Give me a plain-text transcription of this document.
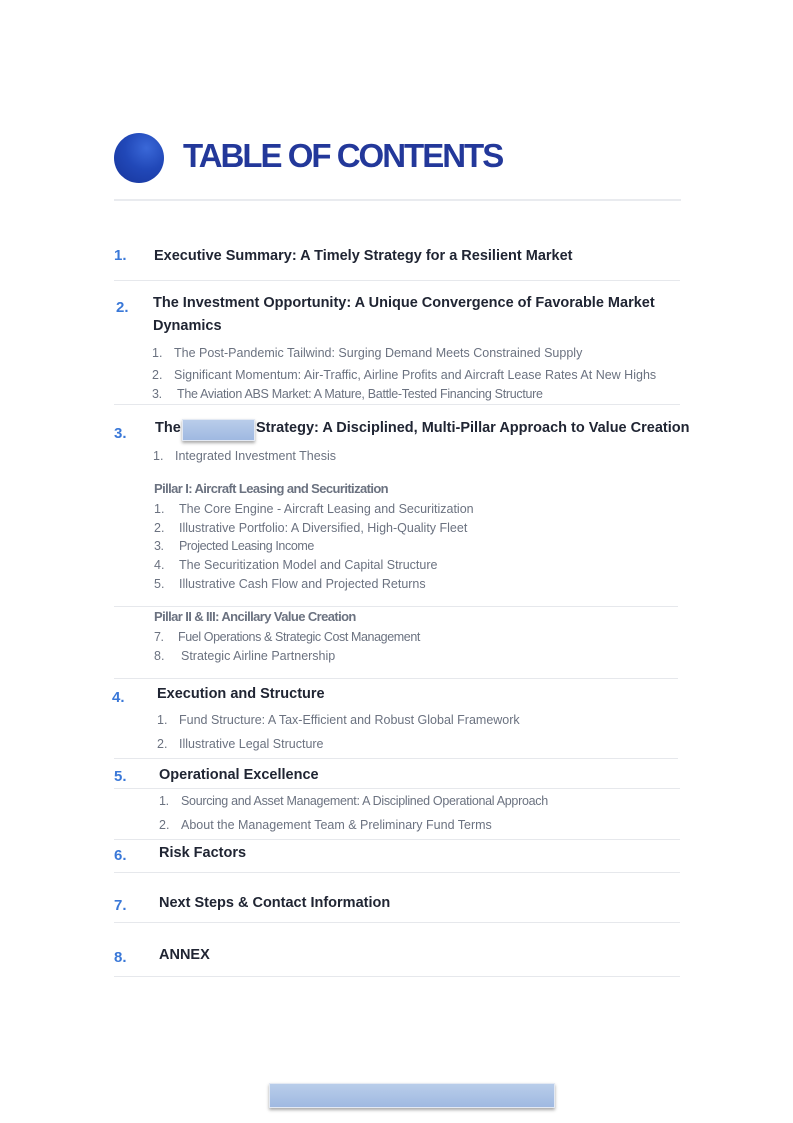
TABLE OF CONTENTS
1. Executive Summary: A Timely Strategy for a Resilient Market
2. The Investment Opportunity: A Unique Convergence of Favorable Market Dynamics
1. The Post-Pandemic Tailwind: Surging Demand Meets Constrained Supply
2. Significant Momentum: Air-Traffic, Airline Profits and Aircraft Lease Rates At New Highs
3. The Aviation ABS Market: A Mature, Battle-Tested Financing Structure
3. The	Strategy: A Disciplined, Multi-Pillar Approach to Value Creation
1. Integrated Investment Thesis
Pillar I: Aircraft Leasing and Securitization
1. The Core Engine - Aircraft Leasing and Securitization
2. Illustrative Portfolio: A Diversified, High-Quality Fleet
3. Projected Leasing Income
4. The Securitization Model and Capital Structure
5. Illustrative Cash Flow and Projected Returns
Pillar II & III: Ancillary Value Creation
7. Fuel Operations & Strategic Cost Management
8. Strategic Airline Partnership
4. Execution and Structure
1. Fund Structure: A Tax-Efficient and Robust Global Framework
2. Illustrative Legal Structure
5. Operational Excellence
1. Sourcing and Asset Management: A Disciplined Operational Approach
2. About the Management Team & Preliminary Fund Terms
6. Risk Factors
7. Next Steps & Contact Information
8. ANNEX
